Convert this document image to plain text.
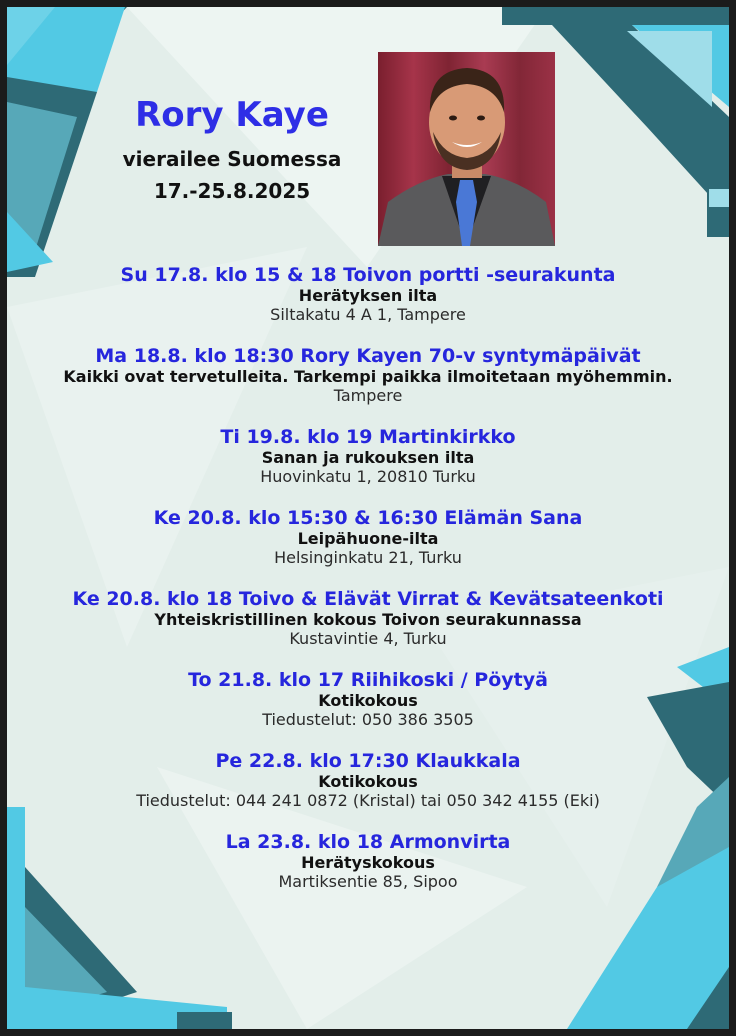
Rory Kaye
vierailee Suomessa
17.-25.8.2025
Su 17.8. klo 15 & 18 Toivon portti -seurakunta
Herätyksen ilta
Siltakatu 4 A 1, Tampere
Ma 18.8. klo 18:30 Rory Kayen 70-v syntymäpäivät
Kaikki ovat tervetulleita. Tarkempi paikka ilmoitetaan myöhemmin.
Tampere
Ti 19.8. klo 19 Martinkirkko
Sanan ja rukouksen ilta
Huovinkatu 1, 20810 Turku
Ke 20.8. klo 15:30 & 16:30 Elämän Sana
Leipähuone-ilta
Helsinginkatu 21, Turku
Ke 20.8. klo 18 Toivo & Elävät Virrat & Kevätsateenkoti
Yhteiskristillinen kokous Toivon seurakunnassa
Kustavintie 4, Turku
To 21.8. klo 17 Riihikoski / Pöytyä
Kotikokous
Tiedustelut: 050 386 3505
Pe 22.8. klo 17:30 Klaukkala
Kotikokous
Tiedustelut: 044 241 0872 (Kristal) tai 050 342 4155 (Eki)
La 23.8. klo 18 Armonvirta
Herätyskokous
Martiksentie 85, Sipoo
